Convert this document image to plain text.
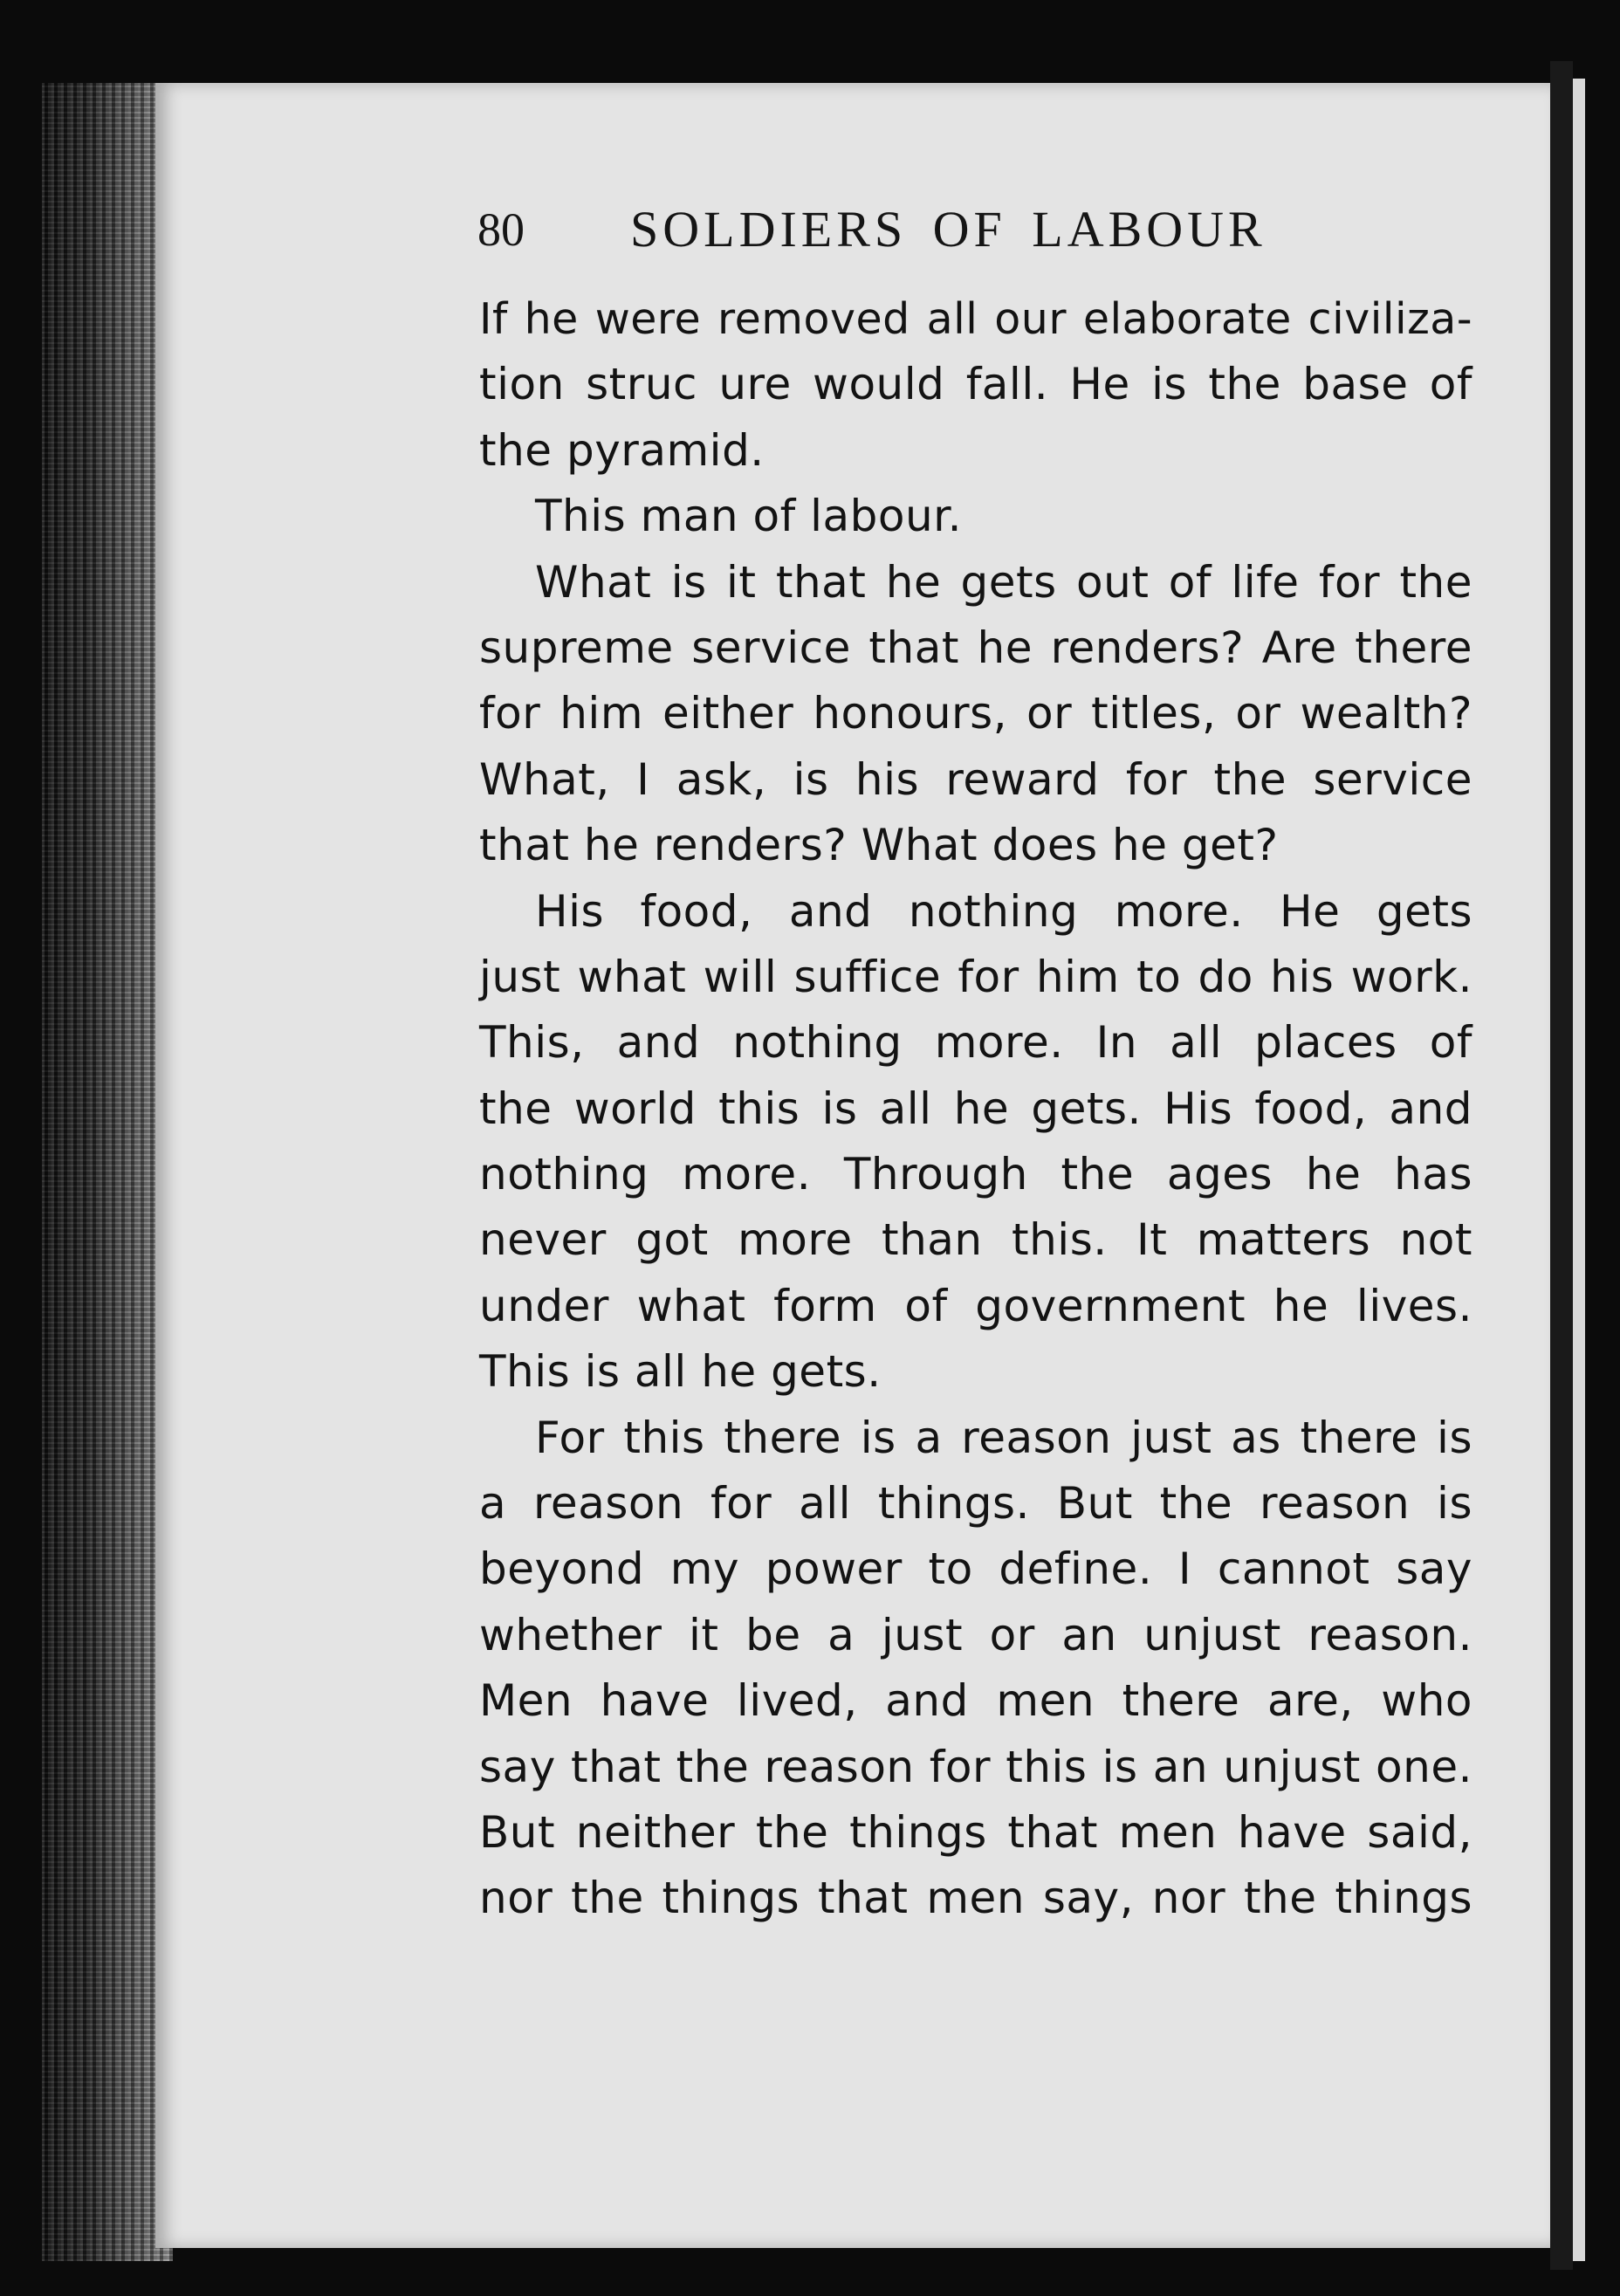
80 SOLDIERS OF LABOUR
If he were removed all our elaborate civiliza-
tion struc ure would fall. He is the base of
the pyramid.
This man of labour.
What is it that he gets out of life for the
supreme service that he renders? Are there
for him either honours, or titles, or wealth?
What, I ask, is his reward for the service
that he renders? What does he get?
His food, and nothing more. He gets
just what will suffice for him to do his work.
This, and nothing more. In all places of
the world this is all he gets. His food, and
nothing more. Through the ages he has
never got more than this. It matters not
under what form of government he lives.
This is all he gets.
For this there is a reason just as there is
a reason for all things. But the reason is
beyond my power to define. I cannot say
whether it be a just or an unjust reason.
Men have lived, and men there are, who
say that the reason for this is an unjust one.
But neither the things that men have said,
nor the things that men say, nor the things
